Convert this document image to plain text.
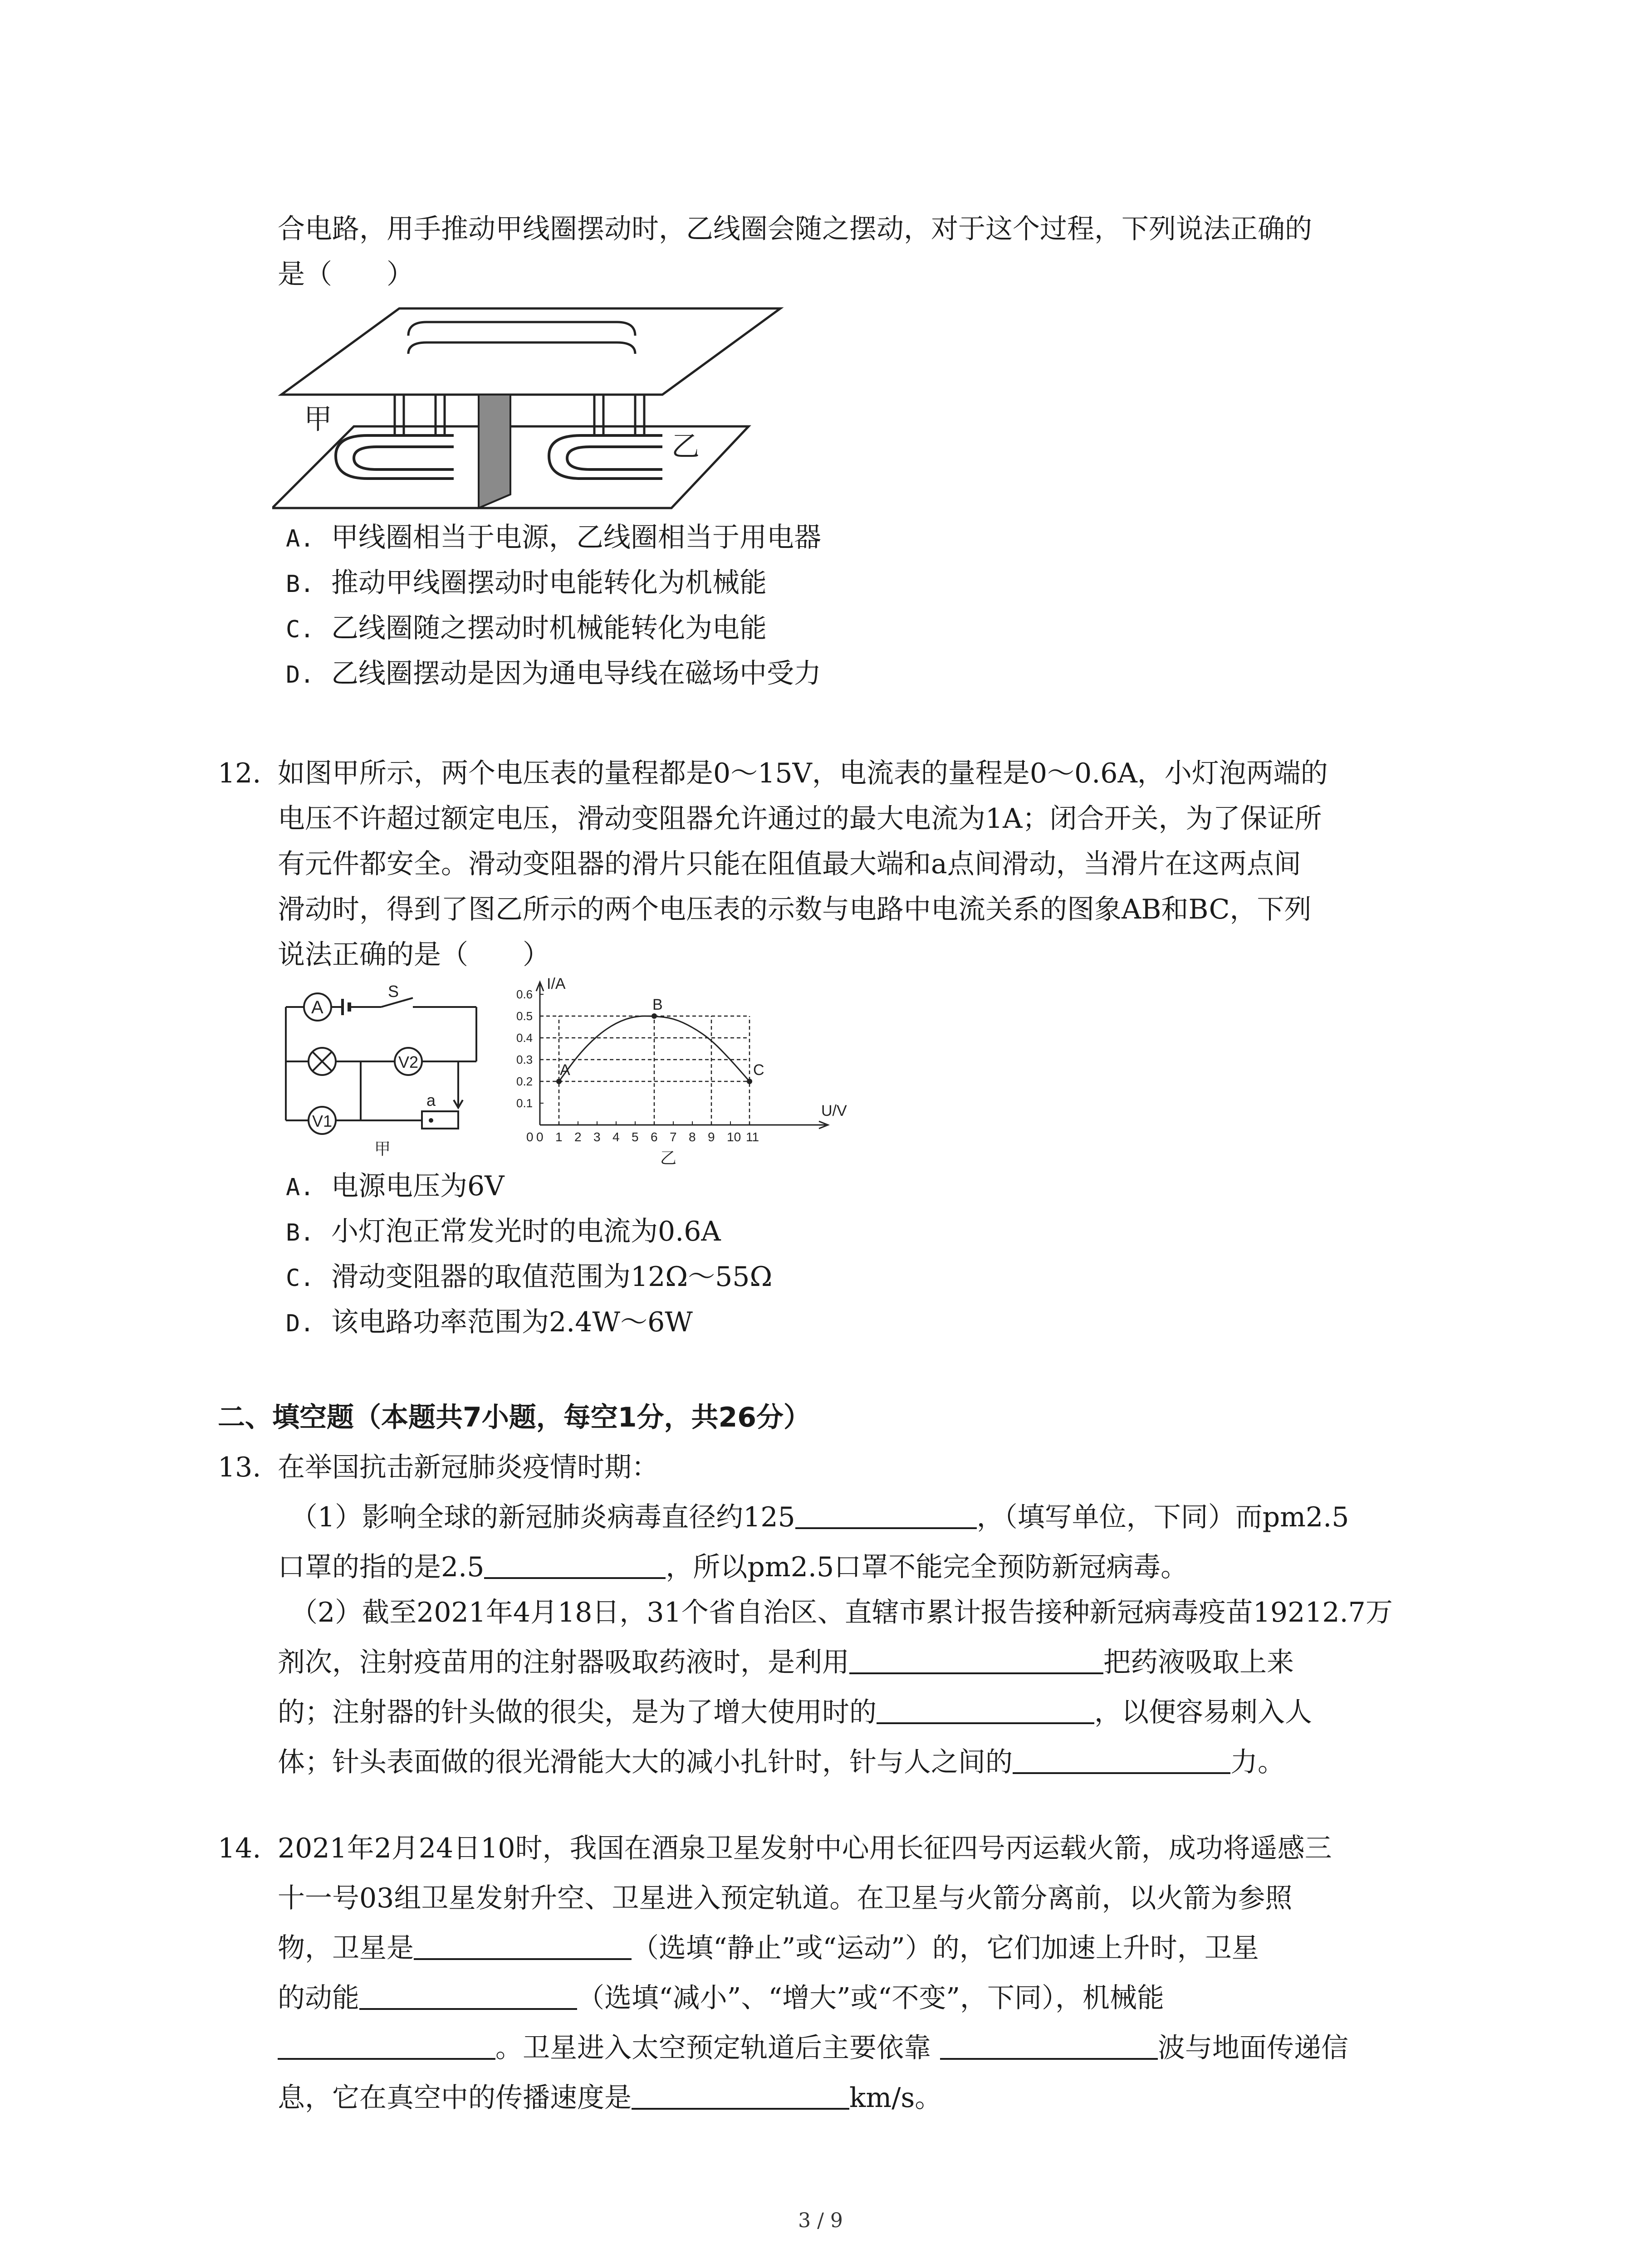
合电路，用手推动甲线圈摆动时，乙线圈会随之摆动，对于这个过程，下列说法正确的
是（　　）
甲
乙
A. 甲线圈相当于电源，乙线圈相当于用电器
B. 推动甲线圈摆动时电能转化为机械能
C. 乙线圈随之摆动时机械能转化为电能
D. 乙线圈摆动是因为通电导线在磁场中受力
12. 如图甲所示，两个电压表的量程都是0～15V，电流表的量程是0～0.6A，小灯泡两端的
电压不许超过额定电压，滑动变阻器允许通过的最大电流为1A；闭合开关，为了保证所
有元件都安全。滑动变阻器的滑片只能在阻值最大端和a点间滑动，当滑片在这两点间
滑动时，得到了图乙所示的两个电压表的示数与电路中电流关系的图象AB和BC，下列
说法正确的是（　　）
A
S
V2
V1
a
甲
0 1 2 3 4 5 6 7 8 9 10 11
0
0.1
0.2
0.3
0.4
0.5
0.6
A
B
C
I/A
U/V
乙
A. 电源电压为6V
B. 小灯泡正常发光时的电流为0.6A
C. 滑动变阻器的取值范围为12Ω～55Ω
D. 该电路功率范围为2.4W～6W
二、填空题（本题共7小题，每空1分，共26分）
13. 在举国抗击新冠肺炎疫情时期：
（1）影响全球的新冠肺炎病毒直径约125	，（填写单位，下同）而pm2.5
口罩的指的是2.5	，所以pm2.5口罩不能完全预防新冠病毒。
（2）截至2021年4月18日，31个省自治区、直辖市累计报告接种新冠病毒疫苗19212.7万
剂次，注射疫苗用的注射器吸取药液时，是利用	把药液吸取上来
的；注射器的针头做的很尖，是为了增大使用时的	，以便容易刺入人
体；针头表面做的很光滑能大大的减小扎针时，针与人之间的	力。
14. 2021年2月24日10时，我国在酒泉卫星发射中心用长征四号丙运载火箭，成功将遥感三
十一号03组卫星发射升空、卫星进入预定轨道。在卫星与火箭分离前，以火箭为参照
物，卫星是	（选填“静止”或“运动”）的，它们加速上升时，卫星
的动能	（选填“减小”、“增大”或“不变”，下同），机械能
。卫星进入太空预定轨道后主要依靠	波与地面传递信
息，它在真空中的传播速度是	km/s。
3 / 9
